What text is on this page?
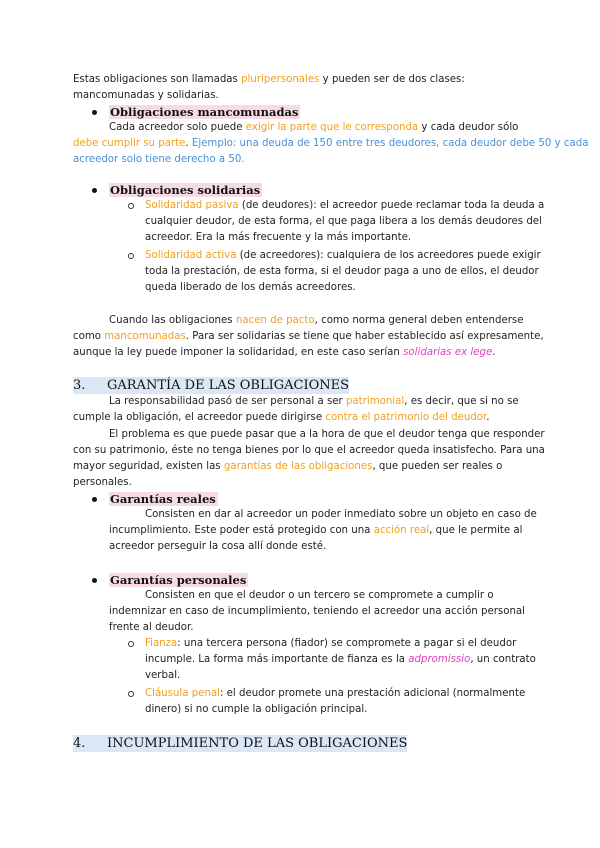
Estas obligaciones son llamadas pluripersonales y pueden ser de dos clases:
mancomunadas y solidarias.
Obligaciones mancomunadas
Cada acreedor solo puede exigir la parte que le corresponda y cada deudor sólo
debe cumplir su parte. Ejemplo: una deuda de 150 entre tres deudores, cada deudor debe 50 y cada
acreedor solo tiene derecho a 50.
Obligaciones solidarias
Solidaridad pasiva (de deudores): el acreedor puede reclamar toda la deuda a
cualquier deudor, de esta forma, el que paga libera a los demás deudores del
acreedor. Era la más frecuente y la más importante.
Solidaridad activa (de acreedores): cualquiera de los acreedores puede exigir
toda la prestación, de esta forma, si el deudor paga a uno de ellos, el deudor
queda liberado de los demás acreedores.
Cuando las obligaciones nacen de pacto, como norma general deben entenderse
como mancomunadas. Para ser solidarias se tiene que haber establecido así expresamente,
aunque la ley puede imponer la solidaridad, en este caso serían solidarias ex lege.
3. GARANTÍA DE LAS OBLIGACIONES
La responsabilidad pasó de ser personal a ser patrimonial, es decir, que si no se
cumple la obligación, el acreedor puede dirigirse contra el patrimonio del deudor.
El problema es que puede pasar que a la hora de que el deudor tenga que responder
con su patrimonio, éste no tenga bienes por lo que el acreedor queda insatisfecho. Para una
mayor seguridad, existen las garantías de las obligaciones, que pueden ser reales o
personales.
Garantías reales
Consisten en dar al acreedor un poder inmediato sobre un objeto en caso de
incumplimiento. Este poder está protegido con una acción real, que le permite al
acreedor perseguir la cosa allí donde esté.
Garantías personales
Consisten en que el deudor o un tercero se compromete a cumplir o
indemnizar en caso de incumplimiento, teniendo el acreedor una acción personal
frente al deudor.
Fianza: una tercera persona (fiador) se compromete a pagar si el deudor
incumple. La forma más importante de fianza es la adpromissio, un contrato
verbal.
Cláusula penal: el deudor promete una prestación adicional (normalmente
dinero) si no cumple la obligación principal.
4. INCUMPLIMIENTO DE LAS OBLIGACIONES
